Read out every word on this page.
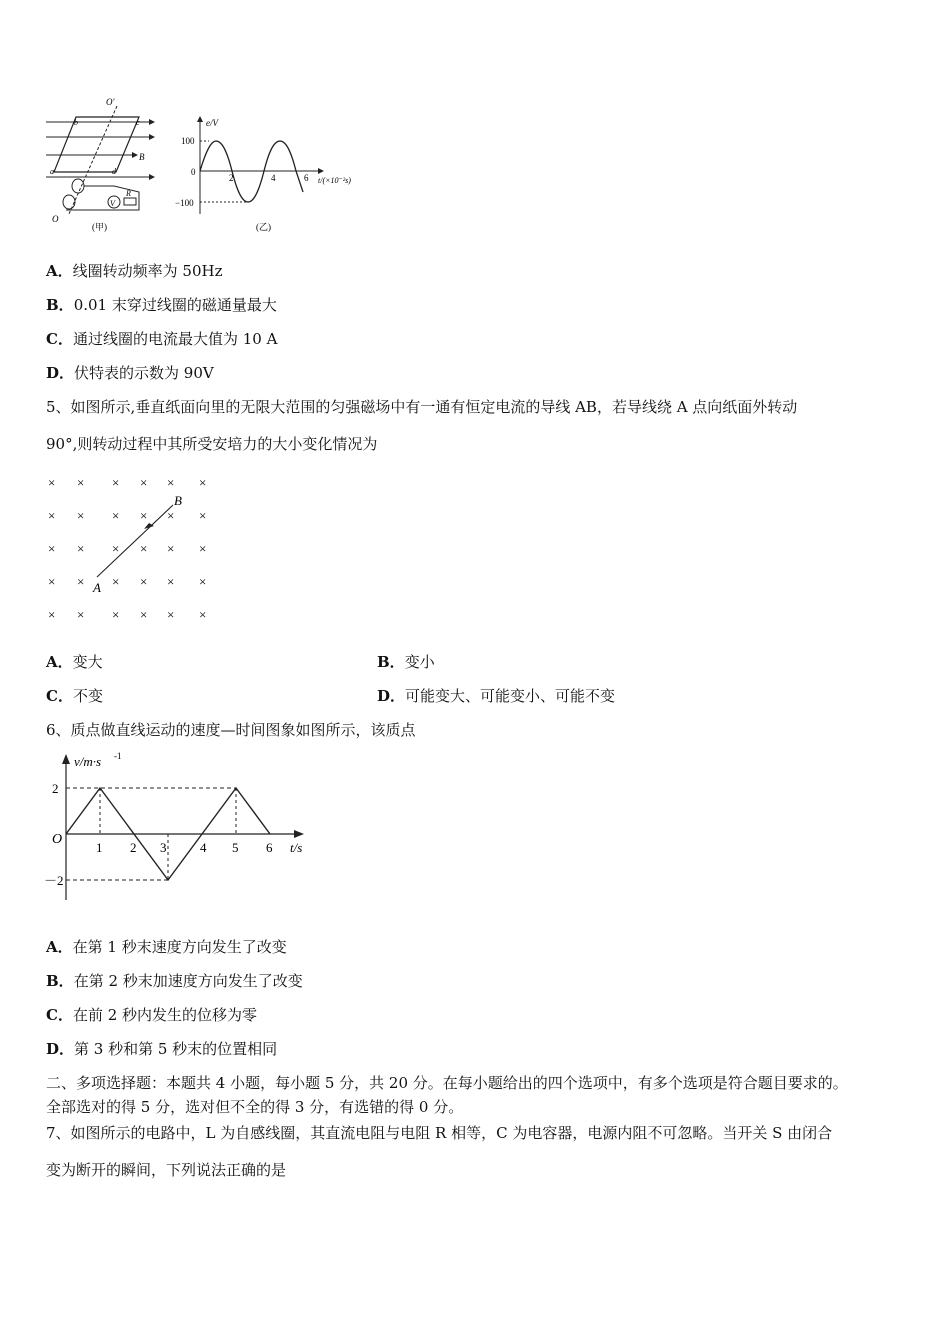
V
R
O'
O
b	c
a	d
B
(甲)
e/V
100
0
−100
2	4	6 t/(×10⁻²s)
(乙)
A．线圈转动频率为 50Hz
B．0.01 末穿过线圈的磁通量最大
C．通过线圈的电流最大值为 10 A
D．伏特表的示数为 90V
5、如图所示,垂直纸面向里的无限大范围的匀强磁场中有一通有恒定电流的导线 AB，若导线绕 A 点向纸面外转动
90°,则转动过程中其所受安培力的大小变化情况为
× × × × × ×
× × × × × ×
× × × × × ×
× × × × × ×
× × × × × ×
A
B
A．变大	B．变小
C．不变	D．可能变大、可能变小、可能不变
6、质点做直线运动的速度—时间图象如图所示，该质点
v/m·s -1
2
－2
O
1 2 3	4 5 6 t/s
A．在第 1 秒末速度方向发生了改变
B．在第 2 秒末加速度方向发生了改变
C．在前 2 秒内发生的位移为零
D．第 3 秒和第 5 秒末的位置相同
二、多项选择题：本题共 4 小题，每小题 5 分，共 20 分。在每小题给出的四个选项中，有多个选项是符合题目要求的。
全部选对的得 5 分，选对但不全的得 3 分，有选错的得 0 分。
7、如图所示的电路中，L 为自感线圈，其直流电阻与电阻 R 相等，C 为电容器，电源内阻不可忽略。当开关 S 由闭合
变为断开的瞬间，下列说法正确的是
